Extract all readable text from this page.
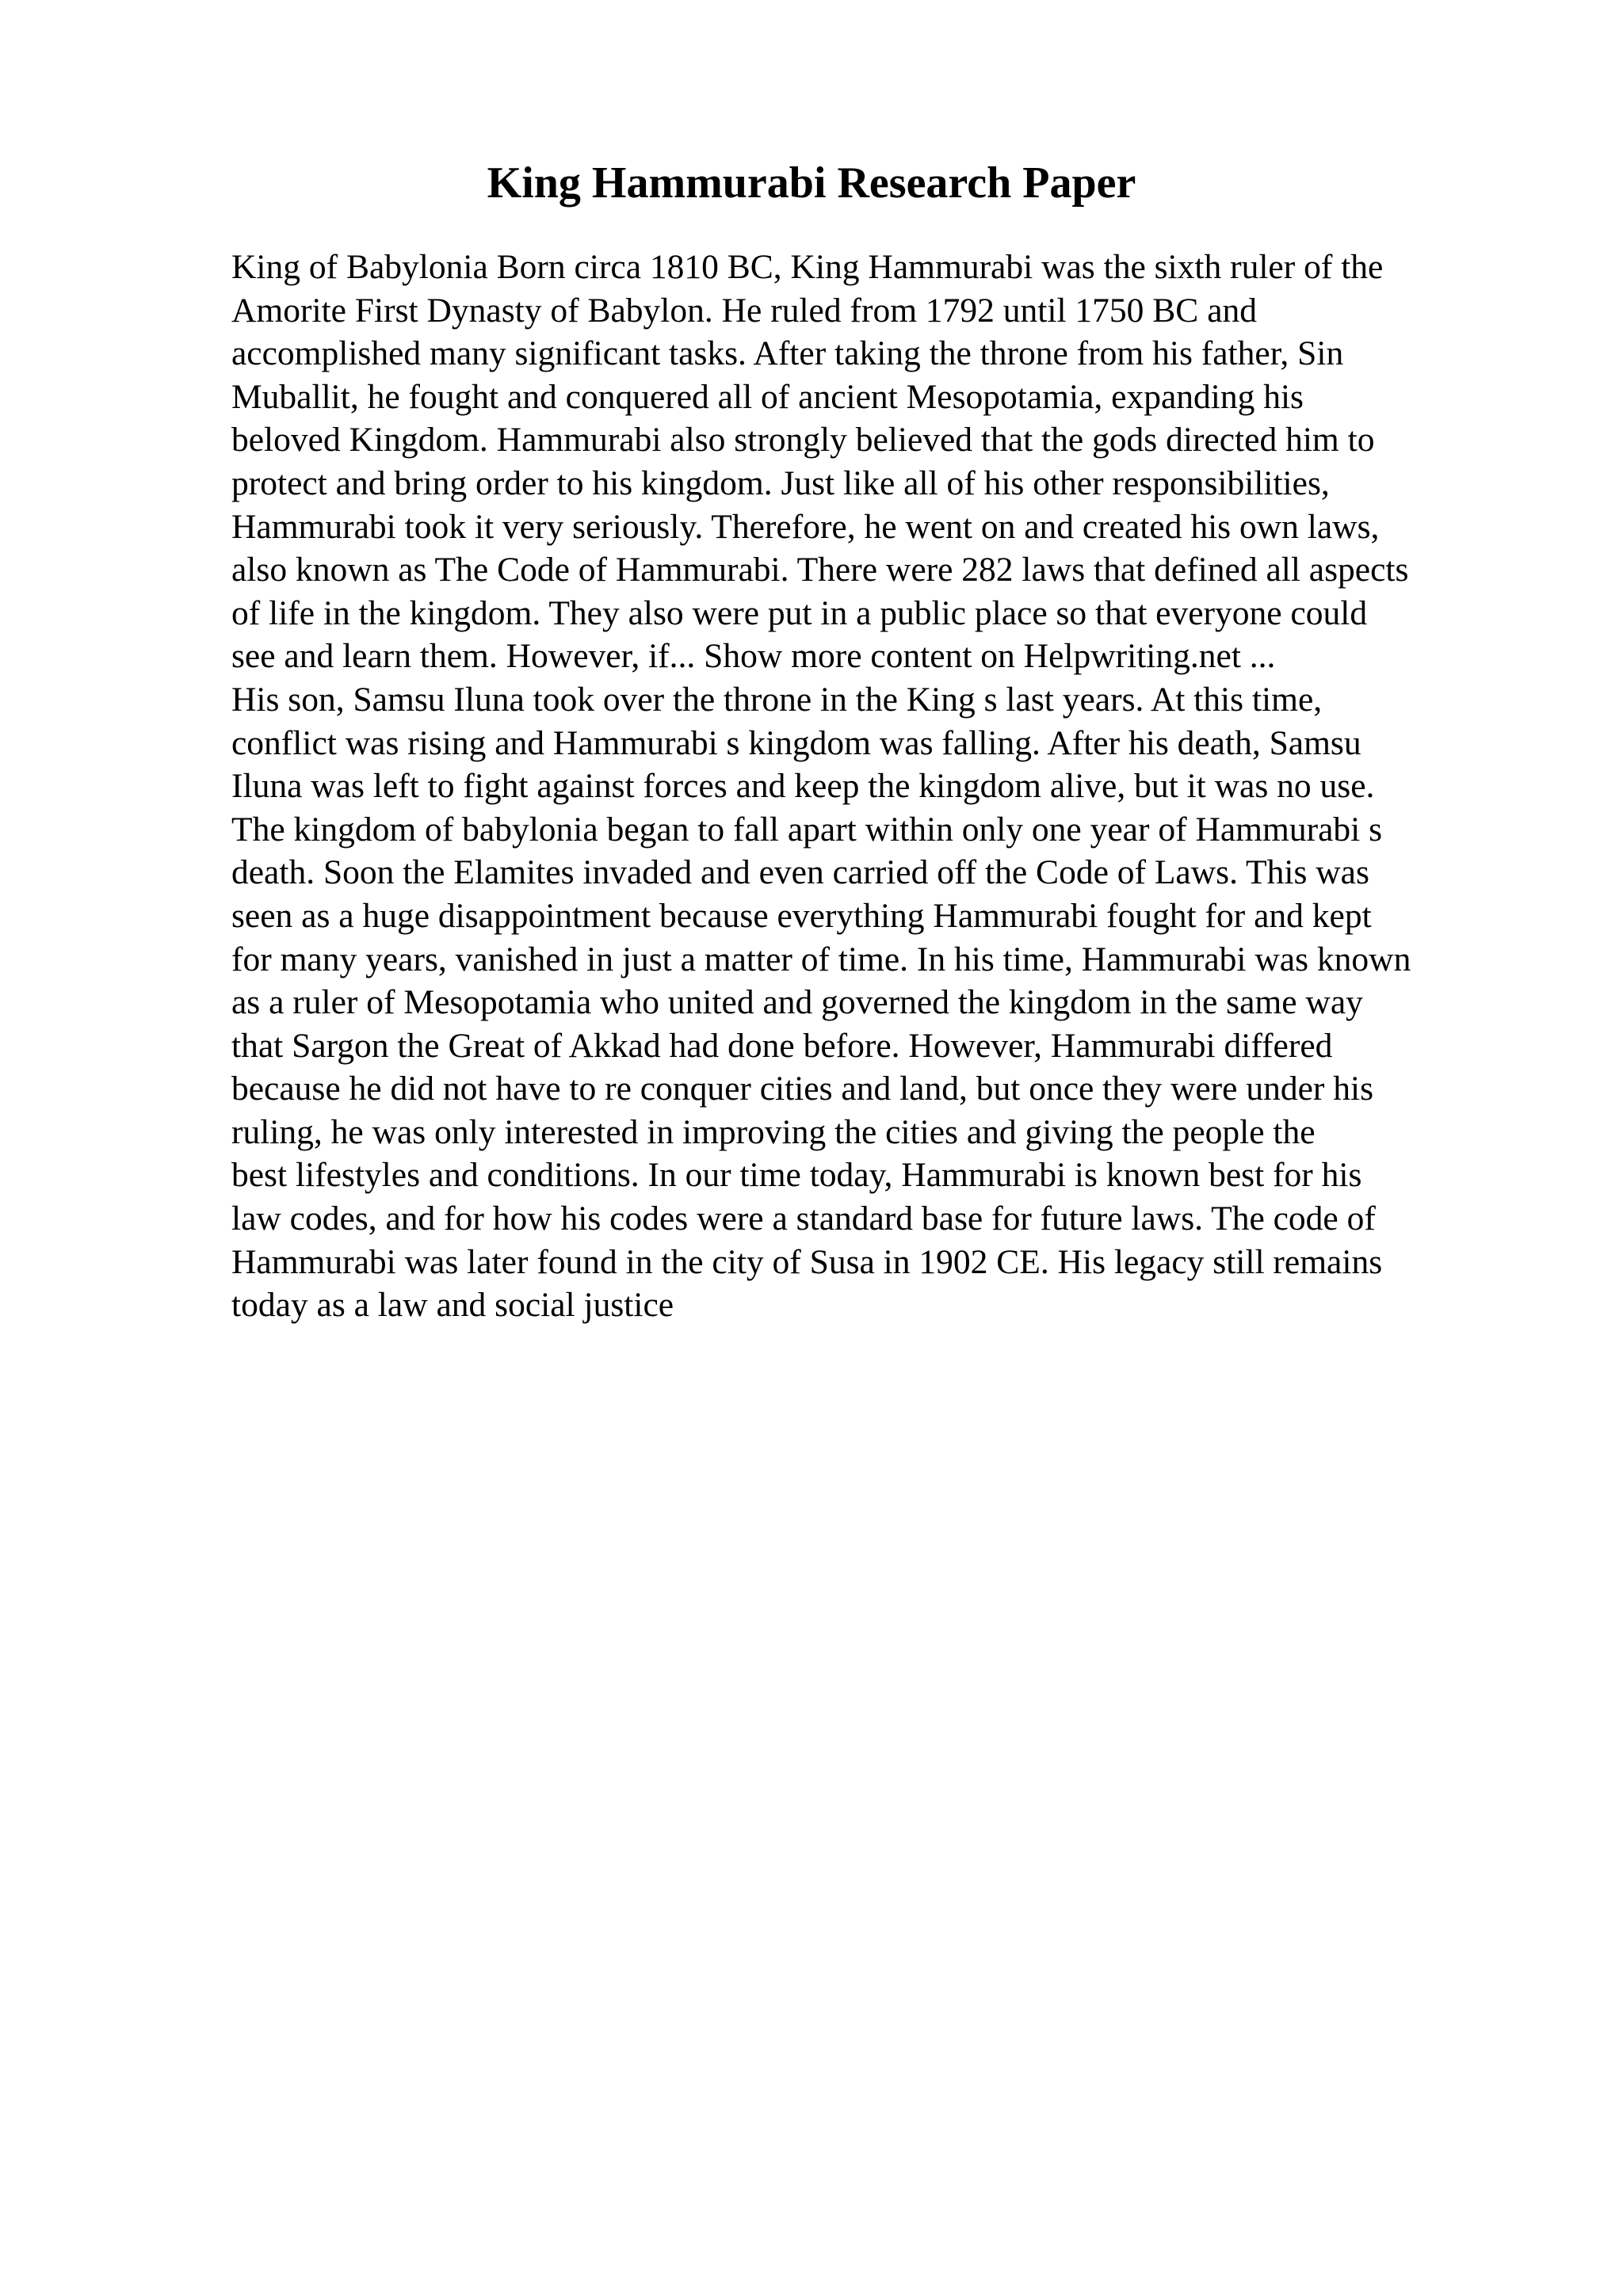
King Hammurabi Research Paper
King of Babylonia Born circa 1810 BC, King Hammurabi was the sixth ruler of the
Amorite First Dynasty of Babylon. He ruled from 1792 until 1750 BC and
accomplished many significant tasks. After taking the throne from his father, Sin
Muballit, he fought and conquered all of ancient Mesopotamia, expanding his
beloved Kingdom. Hammurabi also strongly believed that the gods directed him to
protect and bring order to his kingdom. Just like all of his other responsibilities,
Hammurabi took it very seriously. Therefore, he went on and created his own laws,
also known as The Code of Hammurabi. There were 282 laws that defined all aspects
of life in the kingdom. They also were put in a public place so that everyone could
see and learn them. However, if... Show more content on Helpwriting.net ...
His son, Samsu Iluna took over the throne in the King s last years. At this time,
conflict was rising and Hammurabi s kingdom was falling. After his death, Samsu
Iluna was left to fight against forces and keep the kingdom alive, but it was no use.
The kingdom of babylonia began to fall apart within only one year of Hammurabi s
death. Soon the Elamites invaded and even carried off the Code of Laws. This was
seen as a huge disappointment because everything Hammurabi fought for and kept
for many years, vanished in just a matter of time. In his time, Hammurabi was known
as a ruler of Mesopotamia who united and governed the kingdom in the same way
that Sargon the Great of Akkad had done before. However, Hammurabi differed
because he did not have to re conquer cities and land, but once they were under his
ruling, he was only interested in improving the cities and giving the people the
best lifestyles and conditions. In our time today, Hammurabi is known best for his
law codes, and for how his codes were a standard base for future laws. The code of
Hammurabi was later found in the city of Susa in 1902 CE. His legacy still remains
today as a law and social justice
